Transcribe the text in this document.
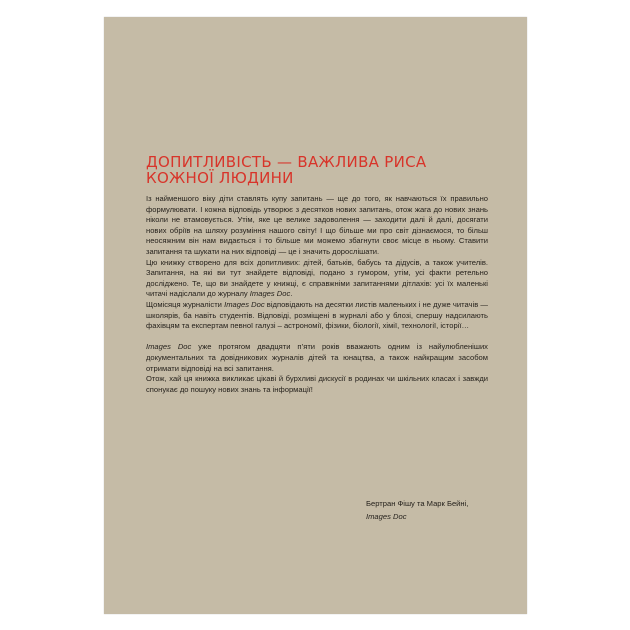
ДОПИТЛИВІСТЬ — ВАЖЛИВА РИСА
КОЖНОЇ ЛЮДИНИ

Із найменшого віку діти ставлять купу запитань — ще до того, як навчаються їх правильно формулювати. І кожна відповідь утворює з десятков нових запитань, отож жага до нових знань ніколи не втамовується. Утім, яке це велике задоволення — заходити далі й далі, досягати нових обріїв на шляху розуміння нашого світу! І що більше ми про світ дізнаємося, то більш неосяжним він нам видається і то більше ми можемо збагнути своє місце в ньому. Ставити запитання та шукати на них відповіді — це і значить дорослішати.

Цю книжку створено для всіх допитливих: дітей, батьків, бабусь та дідусів, а також учителів. Запитання, на які ви тут знайдете відповіді, подано з гумором, утім, усі факти ретельно досліджено. Те, що ви знайдете у книжці, є справжніми запитаннями дітлахів: усі їх маленькі читачі надіслали до журналу Images Doc.

Щомісяця журналісти Images Doc відповідають на десятки листів маленьких і не дуже читачів — школярів, ба навіть студентів. Відповіді, розміщені в журналі або у блозі, спершу надсилають фахівцям та експертам певної галузі – астрономії, фізики, біології, хімії, технології, історії…

Images Doc уже протягом двадцяти п’яти років вважають одним із найулюбленіших документальних та довідникових журналів дітей та юнацтва, а також найкращим засобом отримати відповіді на всі запитання.

Отож, хай ця книжка викликає цікаві й бурхливі дискусії в родинах чи шкільних класах і завжди спонукає до пошуку нових знань та інформації!

Бертран Фішу та Марк Бейні,
Images Doc
